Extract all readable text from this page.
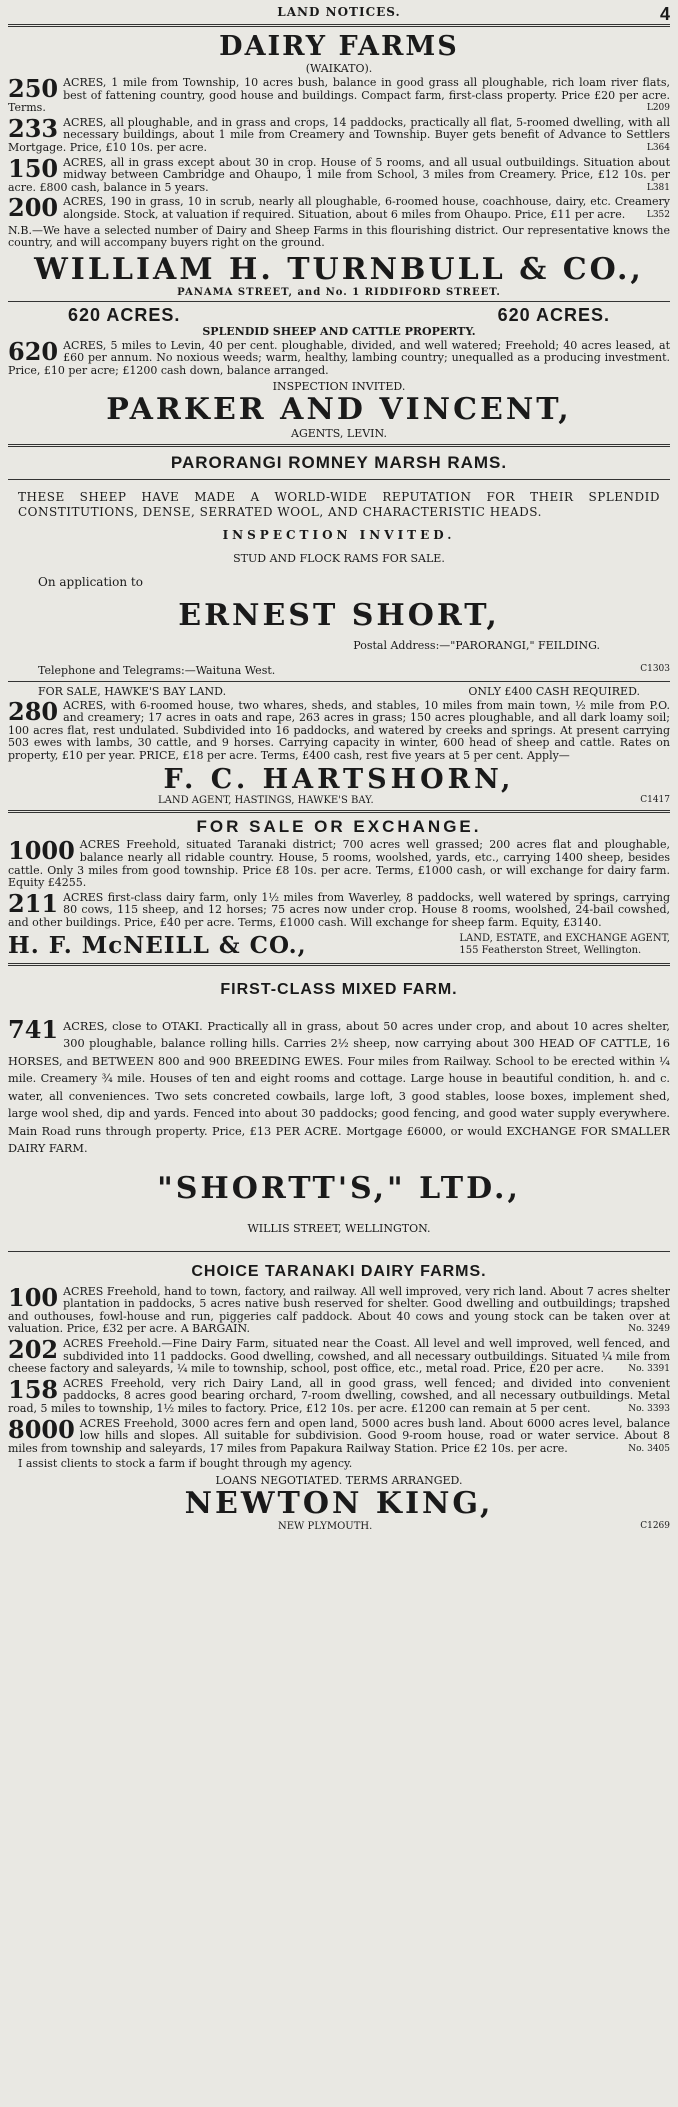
LAND NOTICES.	4
DAIRY FARMS
(WAIKATO).
250 ACRES, 1 mile from Township, 10 acres bush, balance in good grass all ploughable, rich loam river flats, best of fattening country, good house and buildings. Compact farm, first-class property. Price £20 per acre. Terms.	L209
233 ACRES, all ploughable, and in grass and crops, 14 paddocks, practically all flat, 5-roomed dwelling, with all necessary buildings, about 1 mile from Creamery and Township. Buyer gets benefit of Advance to Settlers Mortgage. Price, £10 10s. per acre.	L364
150 ACRES, all in grass except about 30 in crop. House of 5 rooms, and all usual outbuildings. Situation about midway between Cambridge and Ohaupo, 1 mile from School, 3 miles from Creamery. Price, £12 10s. per acre. £800 cash, balance in 5 years.	L381
200 ACRES, 190 in grass, 10 in scrub, nearly all ploughable, 6-roomed house, coachhouse, dairy, etc. Creamery alongside. Stock, at valuation if required. Situation, about 6 miles from Ohaupo. Price, £11 per acre. L352
N.B.—We have a selected number of Dairy and Sheep Farms in this flourishing district. Our representative knows the country, and will accompany buyers right on the ground.
WILLIAM H. TURNBULL & CO.,
PANAMA STREET, and No. 1 RIDDIFORD STREET.
620 ACRES.	620 ACRES.
SPLENDID SHEEP AND CATTLE PROPERTY.
620 ACRES, 5 miles to Levin, 40 per cent. ploughable, divided, and well watered; Freehold; 40 acres leased, at £60 per annum. No noxious weeds; warm, healthy, lambing country; unequalled as a producing investment. Price, £10 per acre; £1200 cash down, balance arranged.
INSPECTION INVITED.
PARKER AND VINCENT,
AGENTS, LEVIN.
PARORANGI ROMNEY MARSH RAMS.
THESE SHEEP HAVE MADE A WORLD-WIDE REPUTATION FOR THEIR SPLENDID CONSTITUTIONS, DENSE, SERRATED WOOL, AND CHARACTERISTIC HEADS.
INSPECTION INVITED.
STUD AND FLOCK RAMS FOR SALE.
On application to
ERNEST SHORT,
Postal Address:—"PARORANGI," FEILDING.
Telephone and Telegrams:—Waituna West.	C1303
FOR SALE, HAWKE'S BAY LAND.	ONLY £400 CASH REQUIRED.
280 ACRES, with 6-roomed house, two whares, sheds, and stables, 10 miles from main town, ½ mile from P.O. and creamery; 17 acres in oats and rape, 263 acres in grass; 150 acres ploughable, and all dark loamy soil; 100 acres flat, rest undulated. Subdivided into 16 paddocks, and watered by creeks and springs. At present carrying 503 ewes with lambs, 30 cattle, and 9 horses. Carrying capacity in winter, 600 head of sheep and cattle. Rates on property, £10 per year. PRICE, £18 per acre. Terms, £400 cash, rest five years at 5 per cent. Apply—
F. C. HARTSHORN,
LAND AGENT, HASTINGS, HAWKE'S BAY.	C1417
FOR SALE OR EXCHANGE.
1000 ACRES Freehold, situated Taranaki district; 700 acres well grassed; 200 acres flat and ploughable, balance nearly all ridable country. House, 5 rooms, woolshed, yards, etc., carrying 1400 sheep, besides cattle. Only 3 miles from good township. Price £8 10s. per acre. Terms, £1000 cash, or will exchange for dairy farm. Equity £4255.
211 ACRES first-class dairy farm, only 1½ miles from Waverley, 8 paddocks, well watered by springs, carrying 80 cows, 115 sheep, and 12 horses; 75 acres now under crop. House 8 rooms, woolshed, 24-bail cowshed, and other buildings. Price, £40 per acre. Terms, £1000 cash. Will exchange for sheep farm. Equity, £3140.
H. F. McNEILL & CO.,	LAND, ESTATE, and EXCHANGE AGENT,
155 Featherston Street, Wellington.
FIRST-CLASS MIXED FARM.
741 ACRES, close to OTAKI. Practically all in grass, about 50 acres under crop, and about 10 acres shelter, 300 ploughable, balance rolling hills. Carries 2½ sheep, now carrying about 300 HEAD OF CATTLE, 16 HORSES, and BETWEEN 800 and 900 BREEDING EWES. Four miles from Railway. School to be erected within ¼ mile. Creamery ¾ mile. Houses of ten and eight rooms and cottage. Large house in beautiful condition, h. and c. water, all conveniences. Two sets concreted cowbails, large loft, 3 good stables, loose boxes, implement shed, large wool shed, dip and yards. Fenced into about 30 paddocks; good fencing, and good water supply everywhere. Main Road runs through property. Price, £13 PER ACRE. Mortgage £6000, or would EXCHANGE FOR SMALLER DAIRY FARM.
"SHORTT'S," LTD.,
WILLIS STREET, WELLINGTON.
CHOICE TARANAKI DAIRY FARMS.
100 ACRES Freehold, hand to town, factory, and railway. All well improved, very rich land. About 7 acres shelter plantation in paddocks, 5 acres native bush reserved for shelter. Good dwelling and outbuildings; trapshed and outhouses, fowl-house and run, piggeries calf paddock. About 40 cows and young stock can be taken over at valuation. Price, £32 per acre. A BARGAIN.	No. 3249
202 ACRES Freehold.—Fine Dairy Farm, situated near the Coast. All level and well improved, well fenced, and subdivided into 11 paddocks. Good dwelling, cowshed, and all necessary outbuildings. Situated ¼ mile from cheese factory and saleyards, ¼ mile to township, school, post office, etc., metal road. Price, £20 per acre.	No. 3391
158 ACRES Freehold, very rich Dairy Land, all in good grass, well fenced; and divided into convenient paddocks, 8 acres good bearing orchard, 7-room dwelling, cowshed, and all necessary outbuildings. Metal road, 5 miles to township, 1½ miles to factory. Price, £12 10s. per acre. £1200 can remain at 5 per cent.	No. 3393
8000 ACRES Freehold, 3000 acres fern and open land, 5000 acres bush land. About 6000 acres level, balance low hills and slopes. All suitable for subdivision. Good 9-room house, road or water service. About 8 miles from township and saleyards, 17 miles from Papakura Railway Station. Price £2 10s. per acre.	No. 3405
I assist clients to stock a farm if bought through my agency.
LOANS NEGOTIATED. TERMS ARRANGED.
NEWTON KING,
NEW PLYMOUTH.	C1269
